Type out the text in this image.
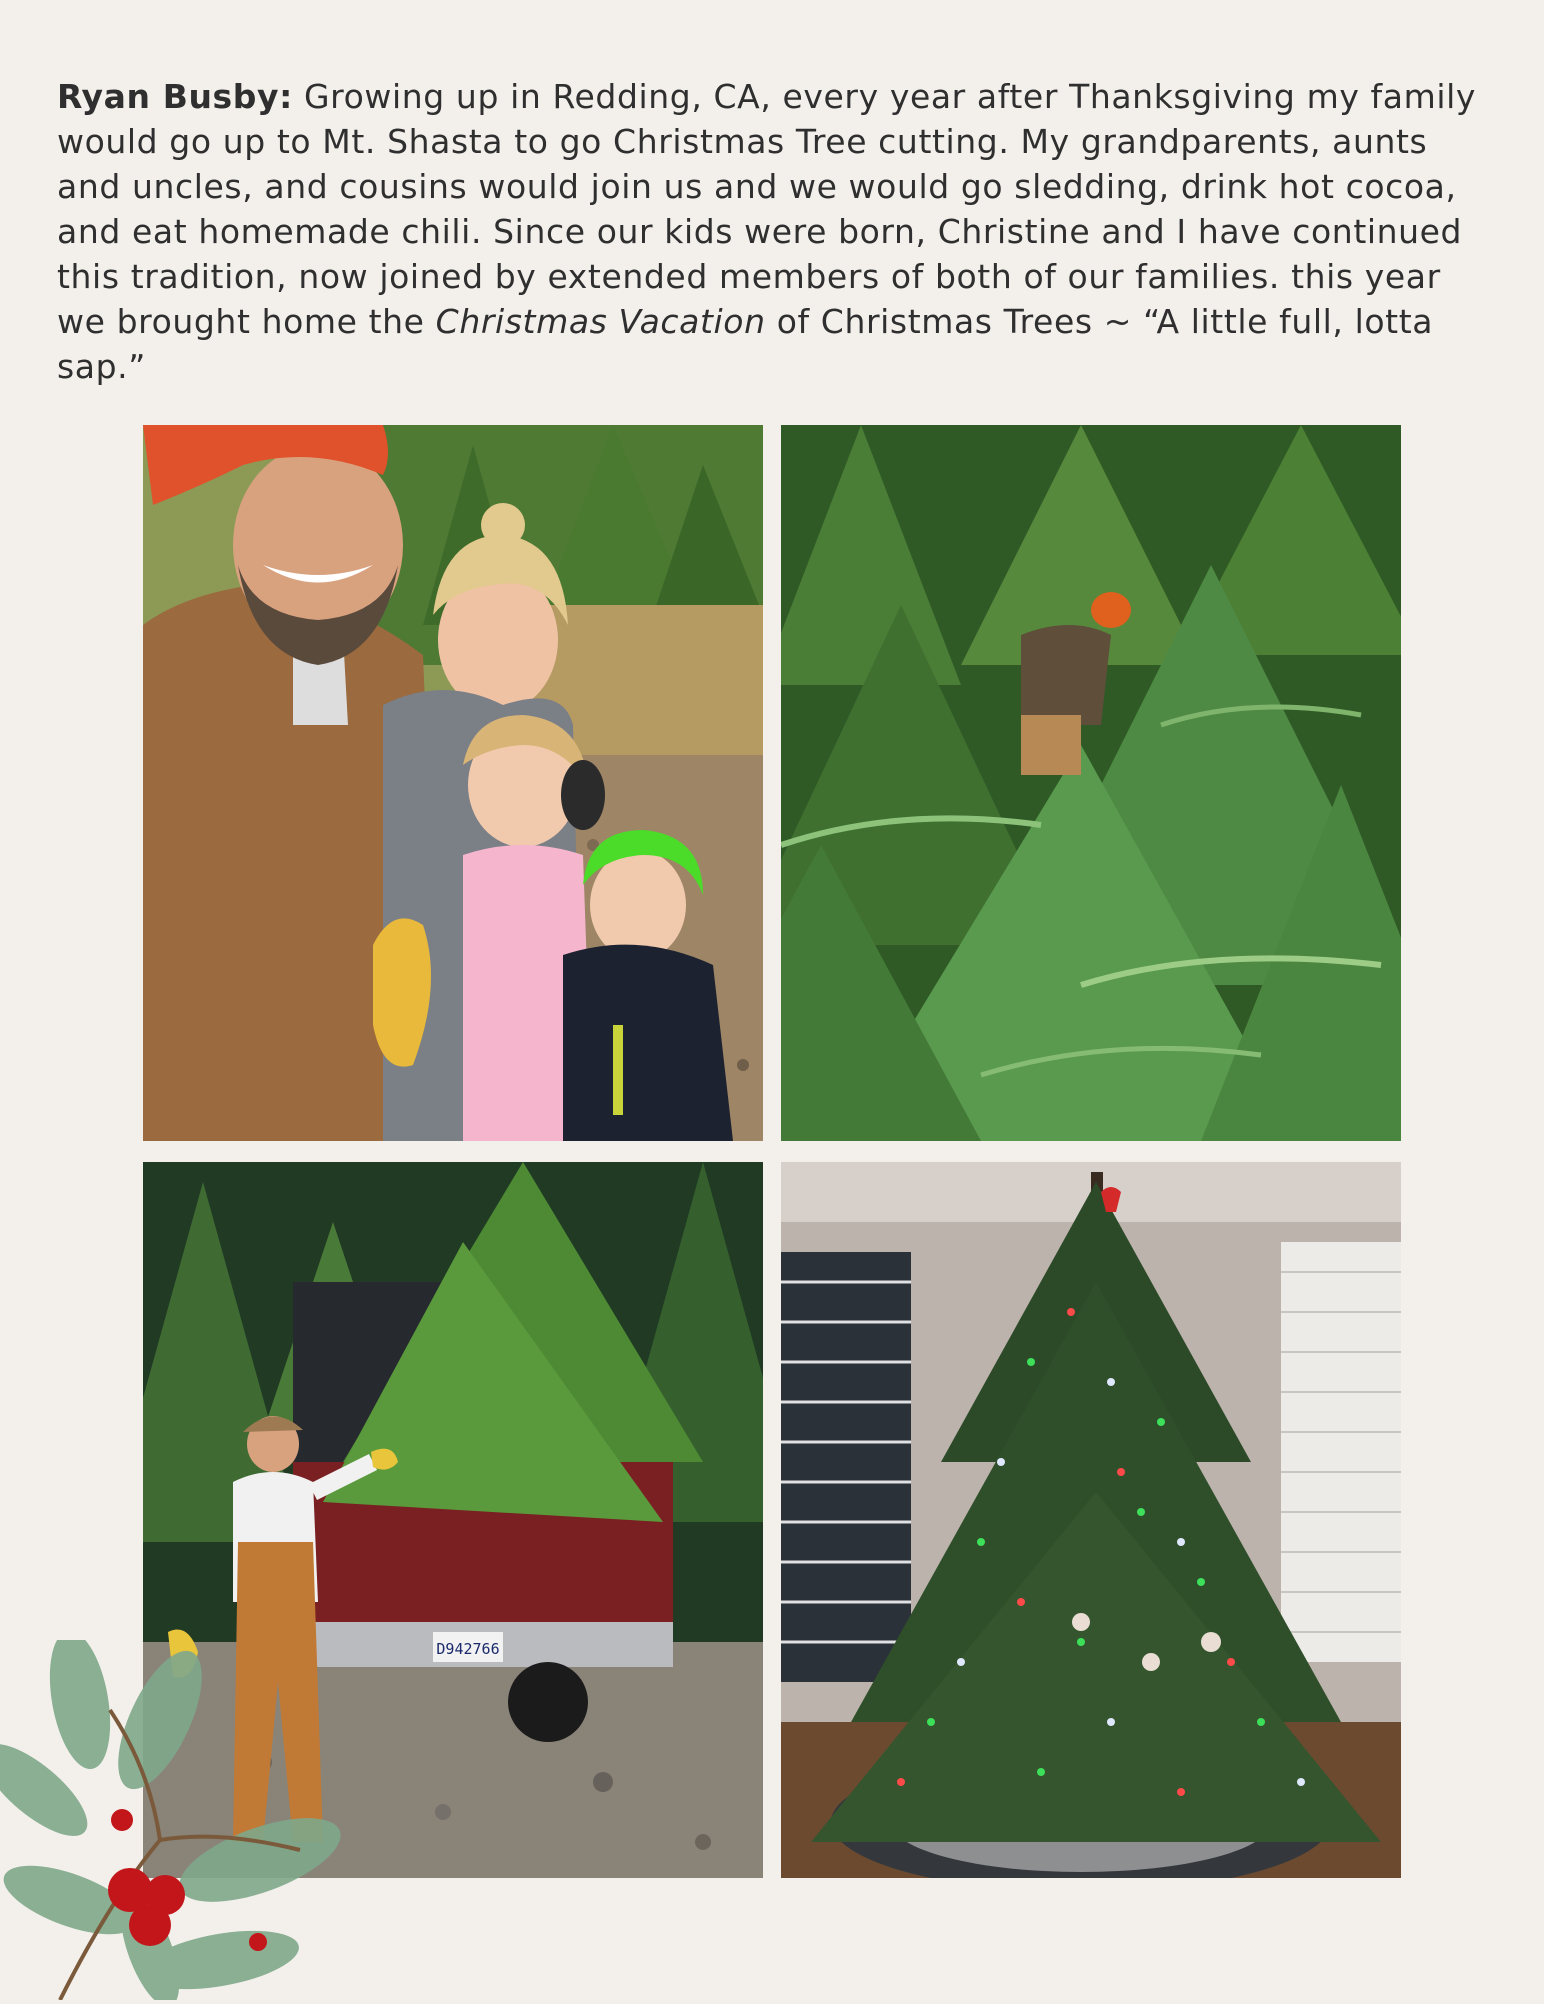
Ryan Busby: Growing up in Redding, CA, every year after Thanksgiving my family would go up to Mt. Shasta to go Christmas Tree cutting. My grandparents, aunts and uncles, and cousins would join us and we would go sledding, drink hot cocoa, and eat homemade chili. Since our kids were born, Christine and I have continued this tradition, now joined by extended members of both of our families. this year we brought home the Christmas Vacation of Christmas Trees ~ “A little full, lotta sap.”

D942766
